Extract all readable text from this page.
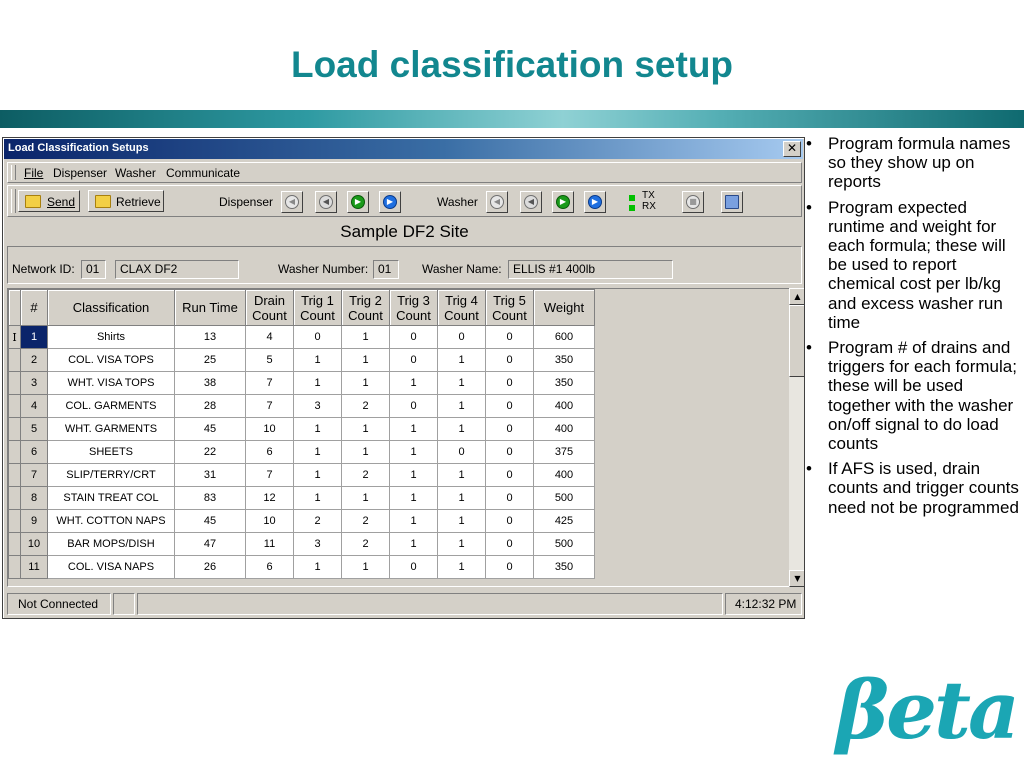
Load classification setup
Load Classification Setups	✕
File Dispenser Washer Communicate
Send	Retrieve	Dispenser	◀	◀	▶	▶	Washer	◀	◀	▶	▶
TX
RX	■
Sample DF2 Site
Network ID: 01	CLAX DF2	Washer Number: 01	Washer Name: ELLIS #1 400lb
	#	Classification	Run Time	Drain Count	Trig 1 Count	Trig 2 Count	Trig 3 Count	Trig 4 Count	Trig 5 Count	Weight
I	1	Shirts	13	4	0	1	0	0	0	600
	2	COL. VISA TOPS	25	5	1	1	0	1	0	350
	3	WHT. VISA TOPS	38	7	1	1	1	1	0	350
	4	COL. GARMENTS	28	7	3	2	0	1	0	400
	5	WHT. GARMENTS	45	10	1	1	1	1	0	400
	6	SHEETS	22	6	1	1	1	0	0	375
	7	SLIP/TERRY/CRT	31	7	1	2	1	1	0	400
	8	STAIN TREAT COL	83	12	1	1	1	1	0	500
	9	WHT. COTTON NAPS	45	10	2	2	1	1	0	425
	10	BAR MOPS/DISH	47	11	3	2	1	1	0	500
	11	COL. VISA NAPS	26	6	1	1	0	1	0	350
▲
▼
Not Connected	4:12:32 PM
• Program formula names so they show up on reports
• Program expected runtime and weight for each formula; these will be used to report chemical cost per lb/kg and excess washer run time
• Program # of drains and triggers for each formula; these will be used together with the washer on/off signal to do load counts
• If AFS is used, drain counts and trigger counts need not be programmed
βeta
